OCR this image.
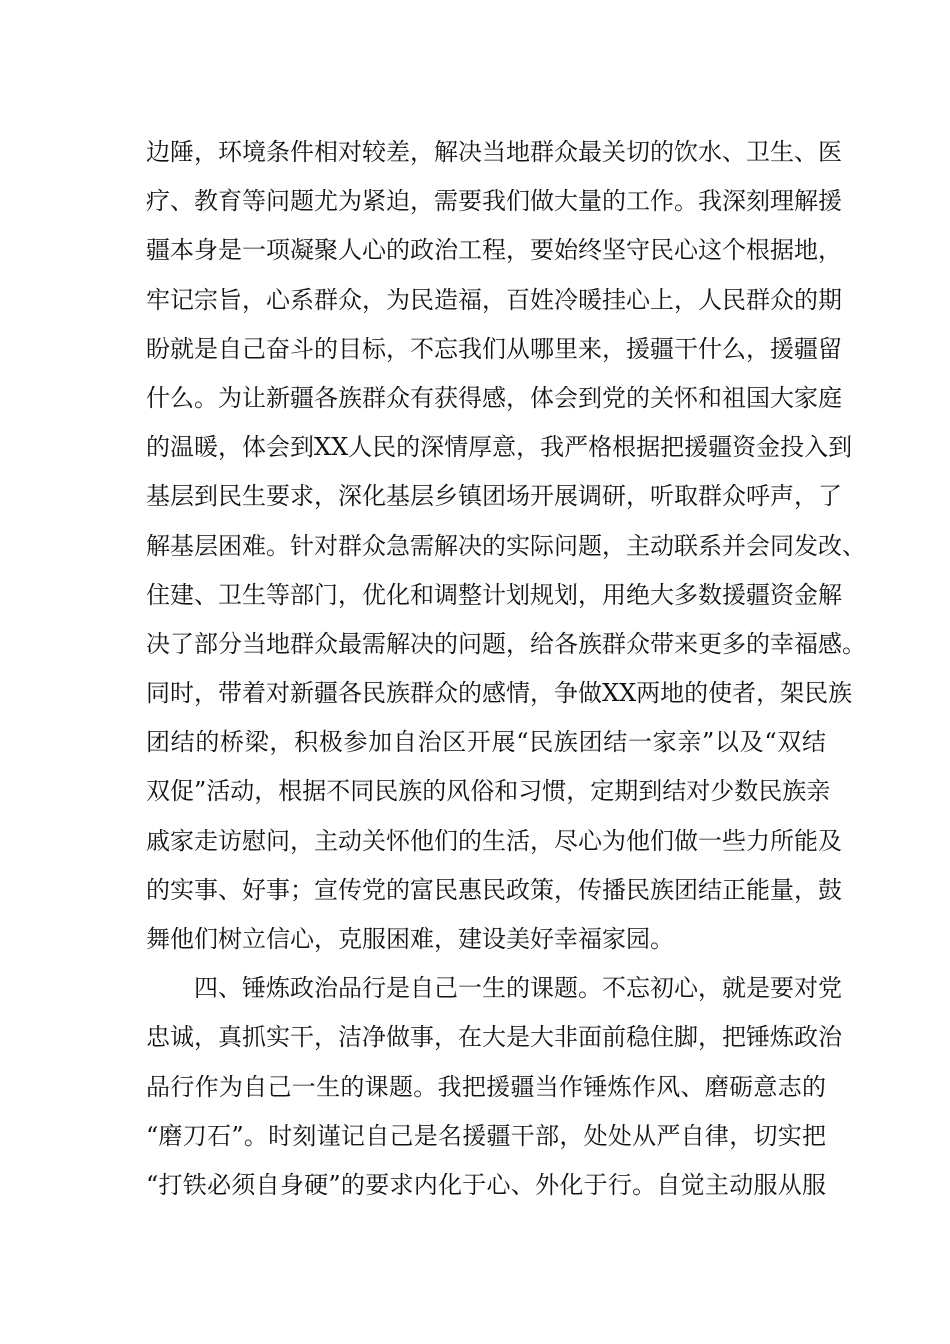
边陲，环境条件相对较差，解决当地群众最关切的饮水、卫生、医
疗、教育等问题尤为紧迫，需要我们做大量的工作。我深刻理解援
疆本身是一项凝聚人心的政治工程，要始终坚守民心这个根据地，
牢记宗旨，心系群众，为民造福，百姓冷暖挂心上，人民群众的期
盼就是自己奋斗的目标，不忘我们从哪里来，援疆干什么，援疆留
什么。为让新疆各族群众有获得感，体会到党的关怀和祖国大家庭
的温暖，体会到XX人民的深情厚意，我严格根据把援疆资金投入到
基层到民生要求，深化基层乡镇团场开展调研，听取群众呼声，了
解基层困难。针对群众急需解决的实际问题，主动联系并会同发改、
住建、卫生等部门，优化和调整计划规划，用绝大多数援疆资金解
决了部分当地群众最需解决的问题，给各族群众带来更多的幸福感。
同时，带着对新疆各民族群众的感情，争做XX两地的使者，架民族
团结的桥梁，积极参加自治区开展“民族团结一家亲”以及“双结
双促”活动，根据不同民族的风俗和习惯，定期到结对少数民族亲
戚家走访慰问，主动关怀他们的生活，尽心为他们做一些力所能及
的实事、好事；宣传党的富民惠民政策，传播民族团结正能量，鼓
舞他们树立信心，克服困难，建设美好幸福家园。
四、锤炼政治品行是自己一生的课题。不忘初心，就是要对党
忠诚，真抓实干，洁净做事，在大是大非面前稳住脚，把锤炼政治
品行作为自己一生的课题。我把援疆当作锤炼作风、磨砺意志的
“磨刀石”。时刻谨记自己是名援疆干部，处处从严自律，切实把
“打铁必须自身硬”的要求内化于心、外化于行。自觉主动服从服
